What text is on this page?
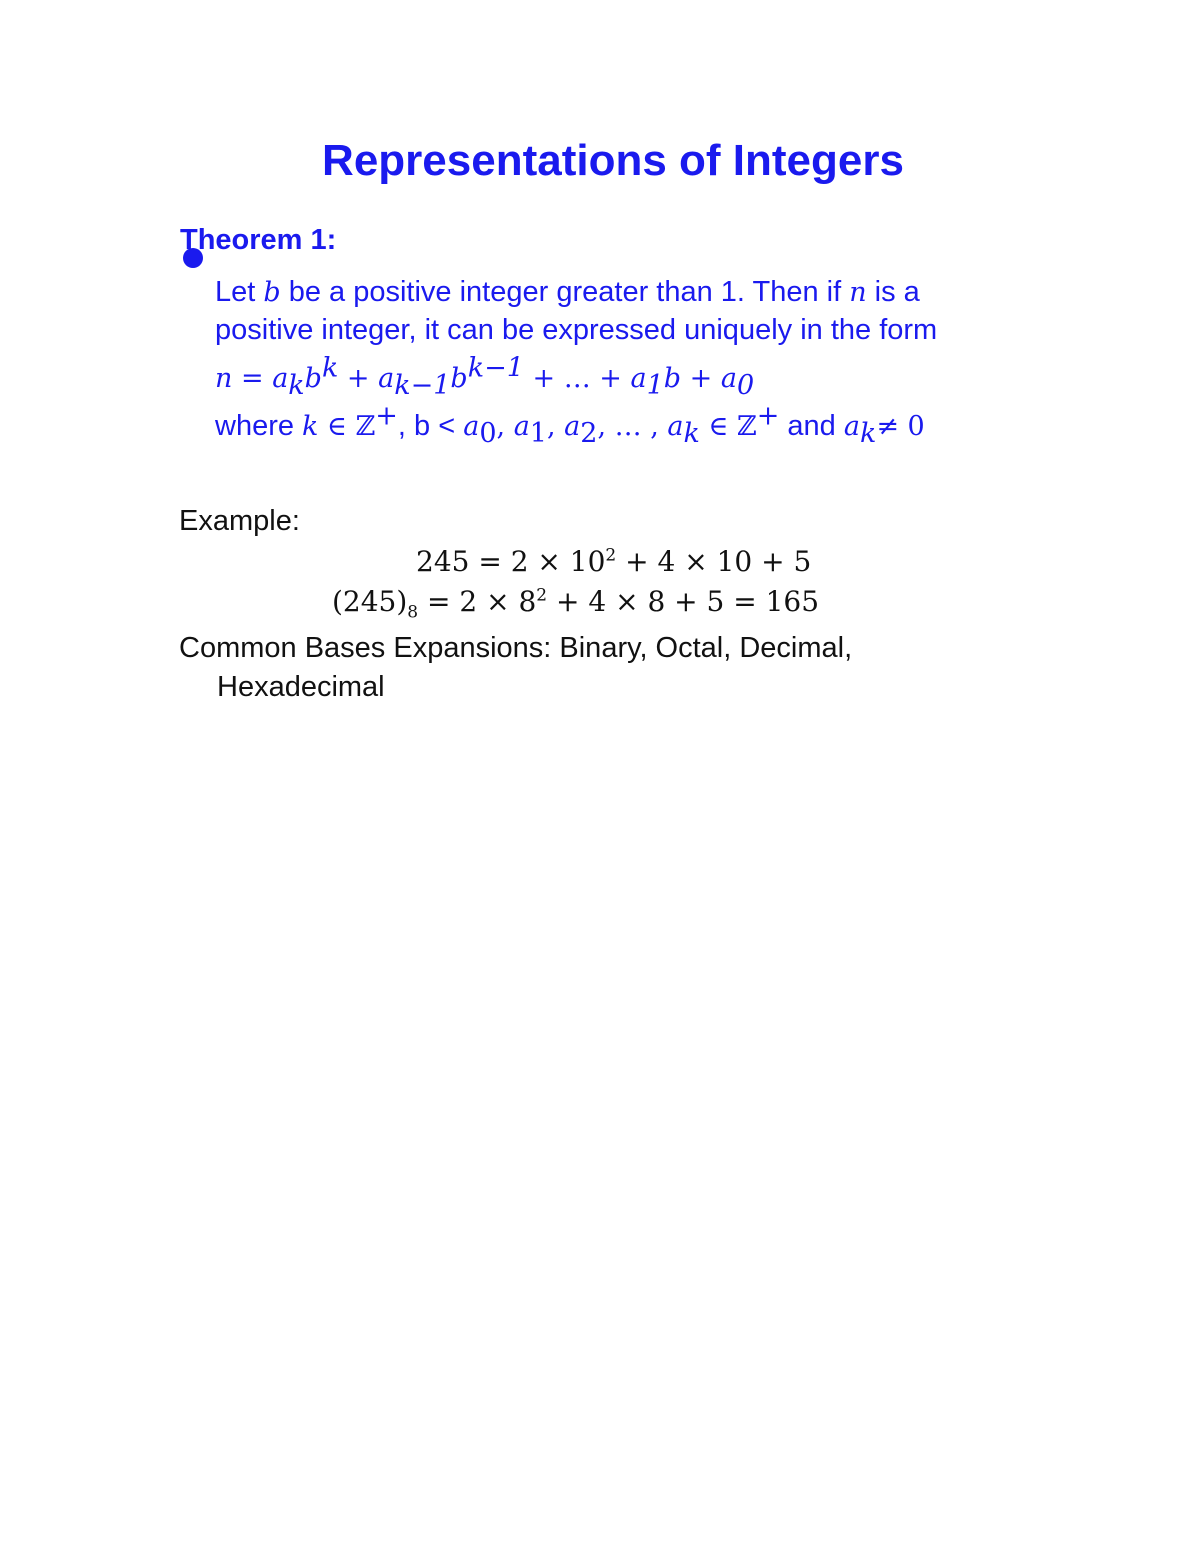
Representations of Integers
Theorem 1:
Let b be a positive integer greater than 1. Then if n is a
positive integer, it can be expressed uniquely in the form
$n = a_kb^k + a_{k-1}b^{k-1}$ + … + $a_1b + a_0$
where k ∈ ℤ+, $b < a_0$, $a_1$, $a_2$, … , $a_k$ ∈ ℤ+ and $a_k\ne 0$
Example:
$245 = 2 \times 10^2 + 4 \times 10 + 5$
$(245)_8 = 2 \times 8^2 + 4 \times 8 + 5 = 165$
Common Bases Expansions: Binary, Octal, Decimal,
Hexadecimal
